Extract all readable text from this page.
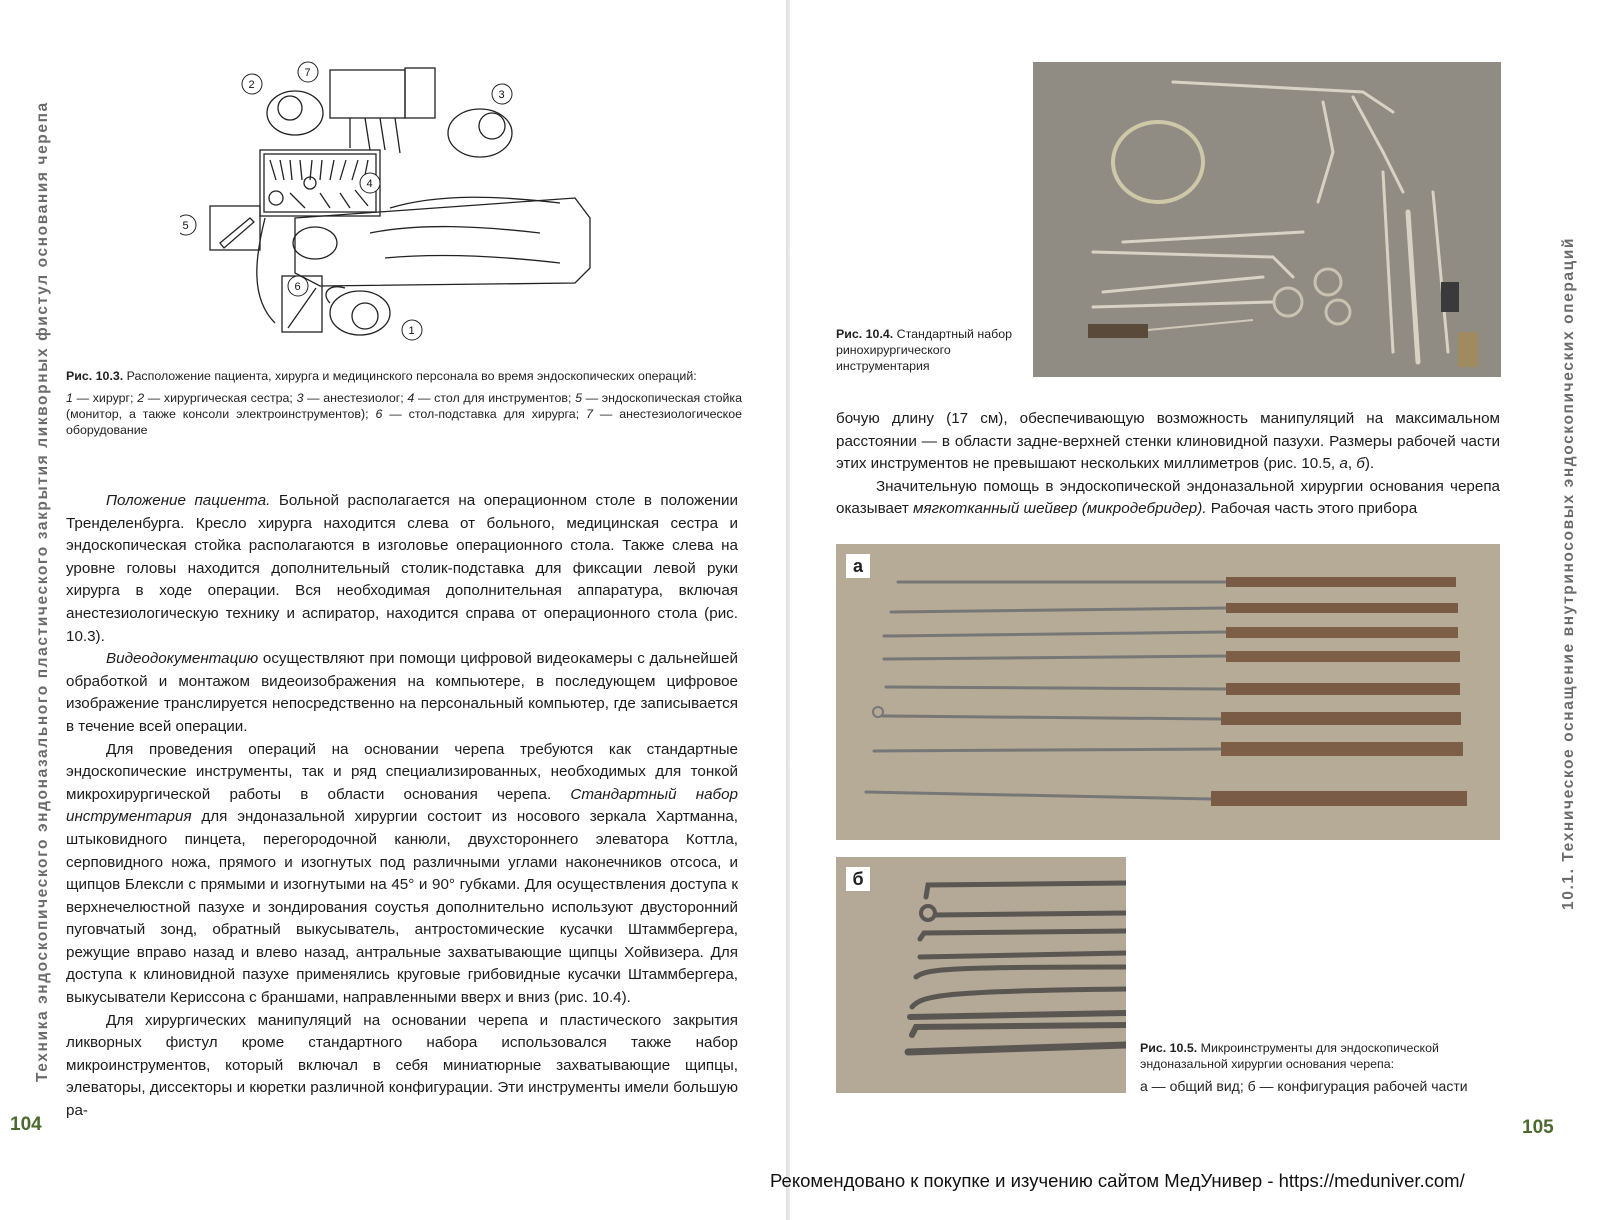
Техника эндоскопического эндоназального пластического закрытия ликворных фистул основания черепа
7
2
3
4
5
6
1
Рис. 10.3. Расположение пациента, хирурга и медицинского персонала во время эндоскопических операций:
1 — хирург; 2 — хирургическая сестра; 3 — анестезиолог; 4 — стол для инструментов; 5 — эндоскопическая стойка (монитор, а также консоли электроинструментов); 6 — стол-подставка для хирурга; 7 — анестезиологическое оборудование

Положение пациента. Больной располагается на операционном столе в положении Тренделенбурга. Кресло хирурга находится слева от больного, медицинская сестра и эндоскопическая стойка располагаются в изголовье операционного стола. Также слева на уровне головы находится дополнительный столик-подставка для фиксации левой руки хирурга в ходе операции. Вся необходимая дополнительная аппаратура, включая анестезиологическую технику и аспиратор, находится справа от операционного стола (рис. 10.3).

Видеодокументацию осуществляют при помощи цифровой видеокамеры с дальнейшей обработкой и монтажом видеоизображения на компьютере, в последующем цифровое изображение транслируется непосредственно на персональный компьютер, где записывается в течение всей операции.

Для проведения операций на основании черепа требуются как стандартные эндоскопические инструменты, так и ряд специализированных, необходимых для тонкой микрохирургической работы в области основания черепа. Стандартный набор инструментария для эндоназальной хирургии состоит из носового зеркала Хартманна, штыковидного пинцета, перегородочной канюли, двухстороннего элеватора Коттла, серповидного ножа, прямого и изогнутых под различными углами наконечников отсоса, и щипцов Блексли с прямыми и изогнутыми на 45° и 90° губками. Для осуществления доступа к верхнечелюстной пазухе и зондирования соустья дополнительно используют двусторонний пуговчатый зонд, обратный выкусыватель, антростомические кусачки Штаммбергера, режущие вправо назад и влево назад, антральные захватывающие щипцы Хойвизера. Для доступа к клиновидной пазухе применялись круговые грибовидные кусачки Штаммбергера, выкусыватели Кериссона с браншами, направленными вверх и вниз (рис. 10.4).

Для хирургических манипуляций на основании черепа и пластического закрытия ликворных фистул кроме стандартного набора использовался также набор микроинструментов, который включал в себя миниатюрные захватывающие щипцы, элеваторы, диссекторы и кюретки различной конфигурации. Эти инструменты имели большую ра-

104
10.1. Техническое оснащение внутриносовых эндоскопических операций
Рис. 10.4. Стандартный набор ринохирургического инструментария

бочую длину (17 см), обеспечивающую возможность манипуляций на максимальном расстоянии — в области задне-верхней стенки клиновидной пазухи. Размеры рабочей части этих инструментов не превышают нескольких миллиметров (рис. 10.5, а, б).

Значительную помощь в эндоскопической эндоназальной хирургии основания черепа оказывает мягкотканный шейвер (микродебридер). Рабочая часть этого прибора

а
б
Рис. 10.5. Микроинструменты для эндоскопической эндоназальной хирургии основания черепа:
а — общий вид; б — конфигурация рабочей части
105
Рекомендовано к покупке и изучению сайтом МедУнивер - https://meduniver.com/
